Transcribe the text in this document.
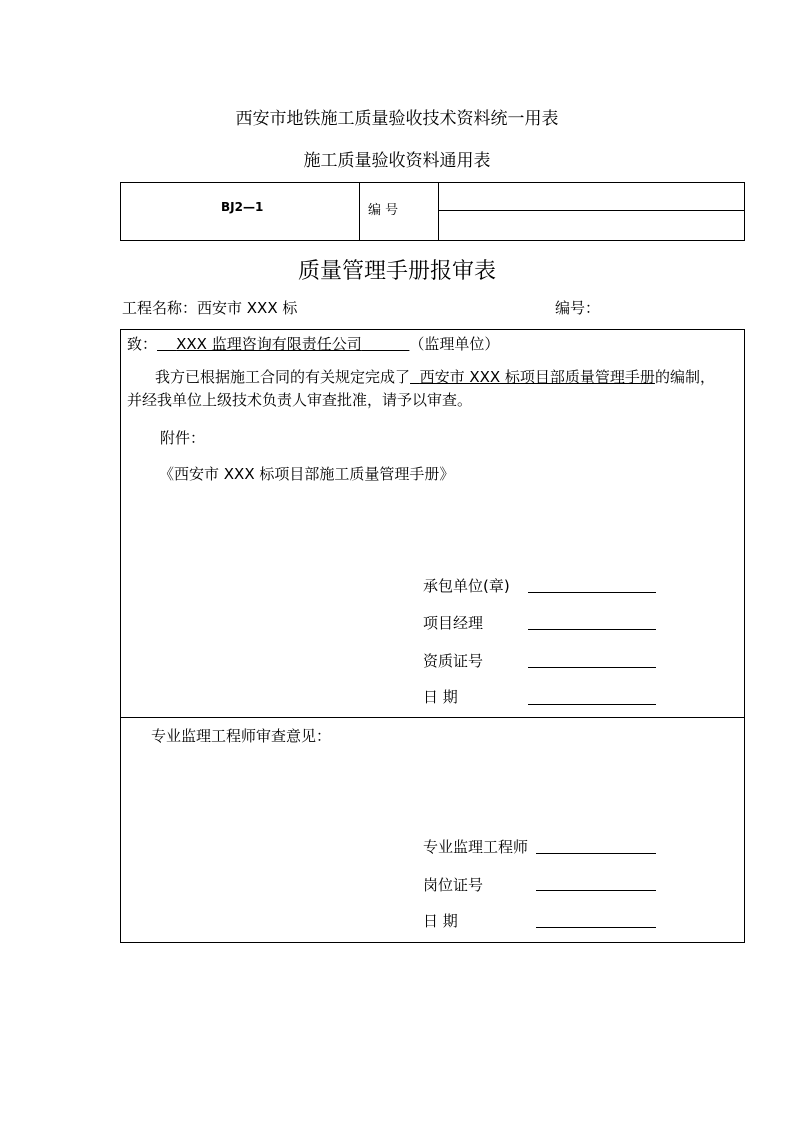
西安市地铁施工质量验收技术资料统一用表
施工质量验收资料通用表
BJ2—1	编 号
质量管理手册报审表
工程名称：西安市 XXX 标	编号：
致： XXX 监理咨询有限责任公司	（监理单位）
我方已根据施工合同的有关规定完成了 西安市 XXX 标项目部质量管理手册的编制，
并经我单位上级技术负责人审查批准，请予以审查。
附件：
《西安市 XXX 标项目部施工质量管理手册》
承包单位(章)
项目经理
资质证号
日 期
专业监理工程师审查意见：
专业监理工程师
岗位证号
日 期
